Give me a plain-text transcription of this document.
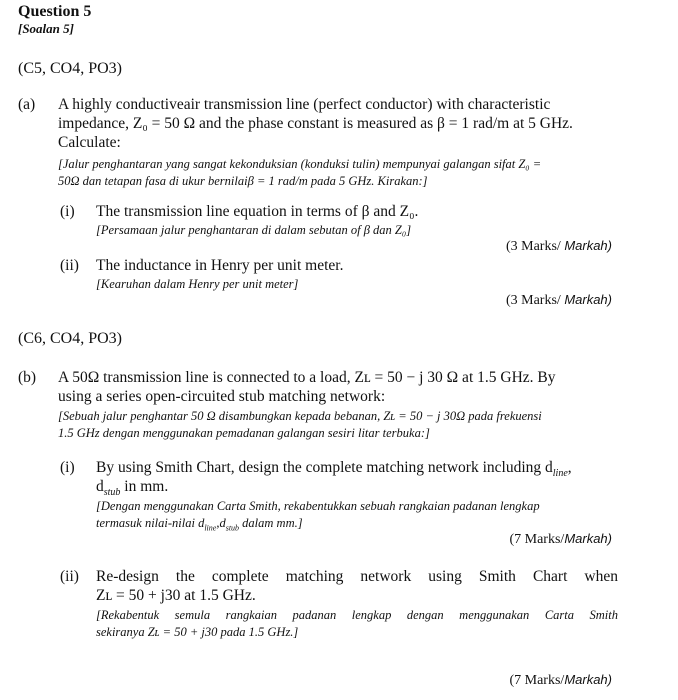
Question 5
[Soalan 5]
(C5, CO4, PO3)
(a) A highly conductiveair transmission line (perfect conductor) with characteristic
impedance, Z₀ = 50 Ω and the phase constant is measured as β = 1 rad/m at 5 GHz.
Calculate:
[Jalur penghantaran yang sangat kekonduksian (konduksi tulin) mempunyai galangan sifat Z₀ =
50Ω dan tetapan fasa di ukur bernilaiβ = 1 rad/m pada 5 GHz. Kirakan:]
(i) The transmission line equation in terms of β and Z₀.
[Persamaan jalur penghantaran di dalam sebutan of β dan Z₀]
(3 Marks/ Markah)
(ii) The inductance in Henry per unit meter.
[Kearuhan dalam Henry per unit meter]
(3 Marks/ Markah)
(C6, CO4, PO3)
(b) A 50Ω transmission line is connected to a load, Zʟ = 50 − j 30 Ω at 1.5 GHz. By
using a series open-circuited stub matching network:
[Sebuah jalur penghantar 50 Ω disambungkan kepada bebanan, Zʟ = 50 − j 30Ω pada frekuensi
1.5 GHz dengan menggunakan pemadanan galangan sesiri litar terbuka:]
(i) By using Smith Chart, design the complete matching network including $d_{line}$,
$d_{stub}$ in mm.
[Dengan menggunakan Carta Smith, rekabentukkan sebuah rangkaian padanan lengkap
termasuk nilai-nilai $d_{line},d_{stub}$ dalam mm.]
(7 Marks/Markah)
(ii) Re-design the complete matching network using Smith Chart when
Zʟ = 50 + j30 at 1.5 GHz.
[Rekabentuk semula rangkaian padanan lengkap dengan menggunakan Carta Smith
sekiranya Zʟ = 50 + j30 pada 1.5 GHz.]
(7 Marks/Markah)
